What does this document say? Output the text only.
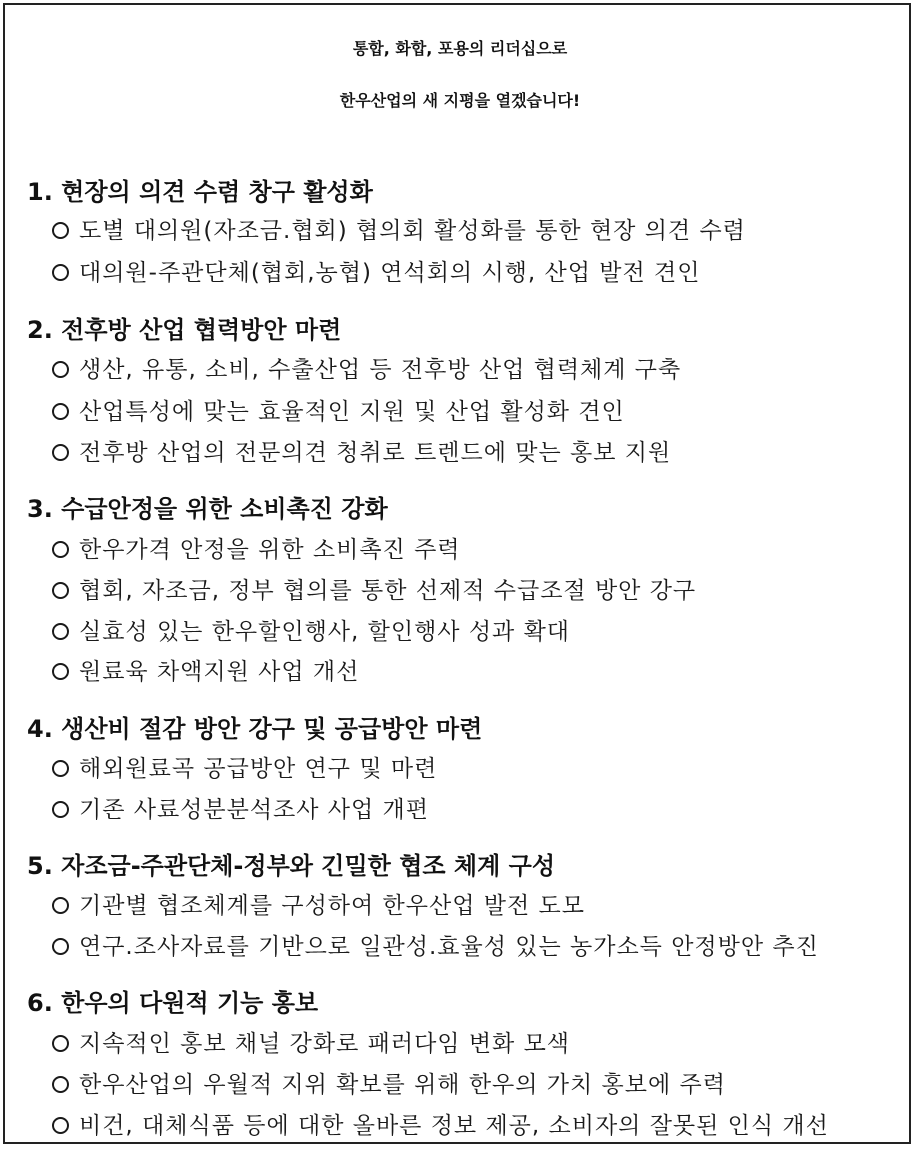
통합, 화합, 포용의 리더십으로
한우산업의 새 지평을 열겠습니다!
1. 현장의 의견 수렴 창구 활성화
도별 대의원(자조금.협회) 협의회 활성화를 통한 현장 의견 수렴
대의원-주관단체(협회,농협) 연석회의 시행, 산업 발전 견인
2. 전후방 산업 협력방안 마련
생산, 유통, 소비, 수출산업 등 전후방 산업 협력체계 구축
산업특성에 맞는 효율적인 지원 및 산업 활성화 견인
전후방 산업의 전문의견 청취로 트렌드에 맞는 홍보 지원
3. 수급안정을 위한 소비촉진 강화
한우가격 안정을 위한 소비촉진 주력
협회, 자조금, 정부 협의를 통한 선제적 수급조절 방안 강구
실효성 있는 한우할인행사, 할인행사 성과 확대
원료육 차액지원 사업 개선
4. 생산비 절감 방안 강구 및 공급방안 마련
해외원료곡 공급방안 연구 및 마련
기존 사료성분분석조사 사업 개편
5. 자조금-주관단체-정부와 긴밀한 협조 체계 구성
기관별 협조체계를 구성하여 한우산업 발전 도모
연구.조사자료를 기반으로 일관성.효율성 있는 농가소득 안정방안 추진
6. 한우의 다원적 기능 홍보
지속적인 홍보 채널 강화로 패러다임 변화 모색
한우산업의 우월적 지위 확보를 위해 한우의 가치 홍보에 주력
비건, 대체식품 등에 대한 올바른 정보 제공, 소비자의 잘못된 인식 개선
